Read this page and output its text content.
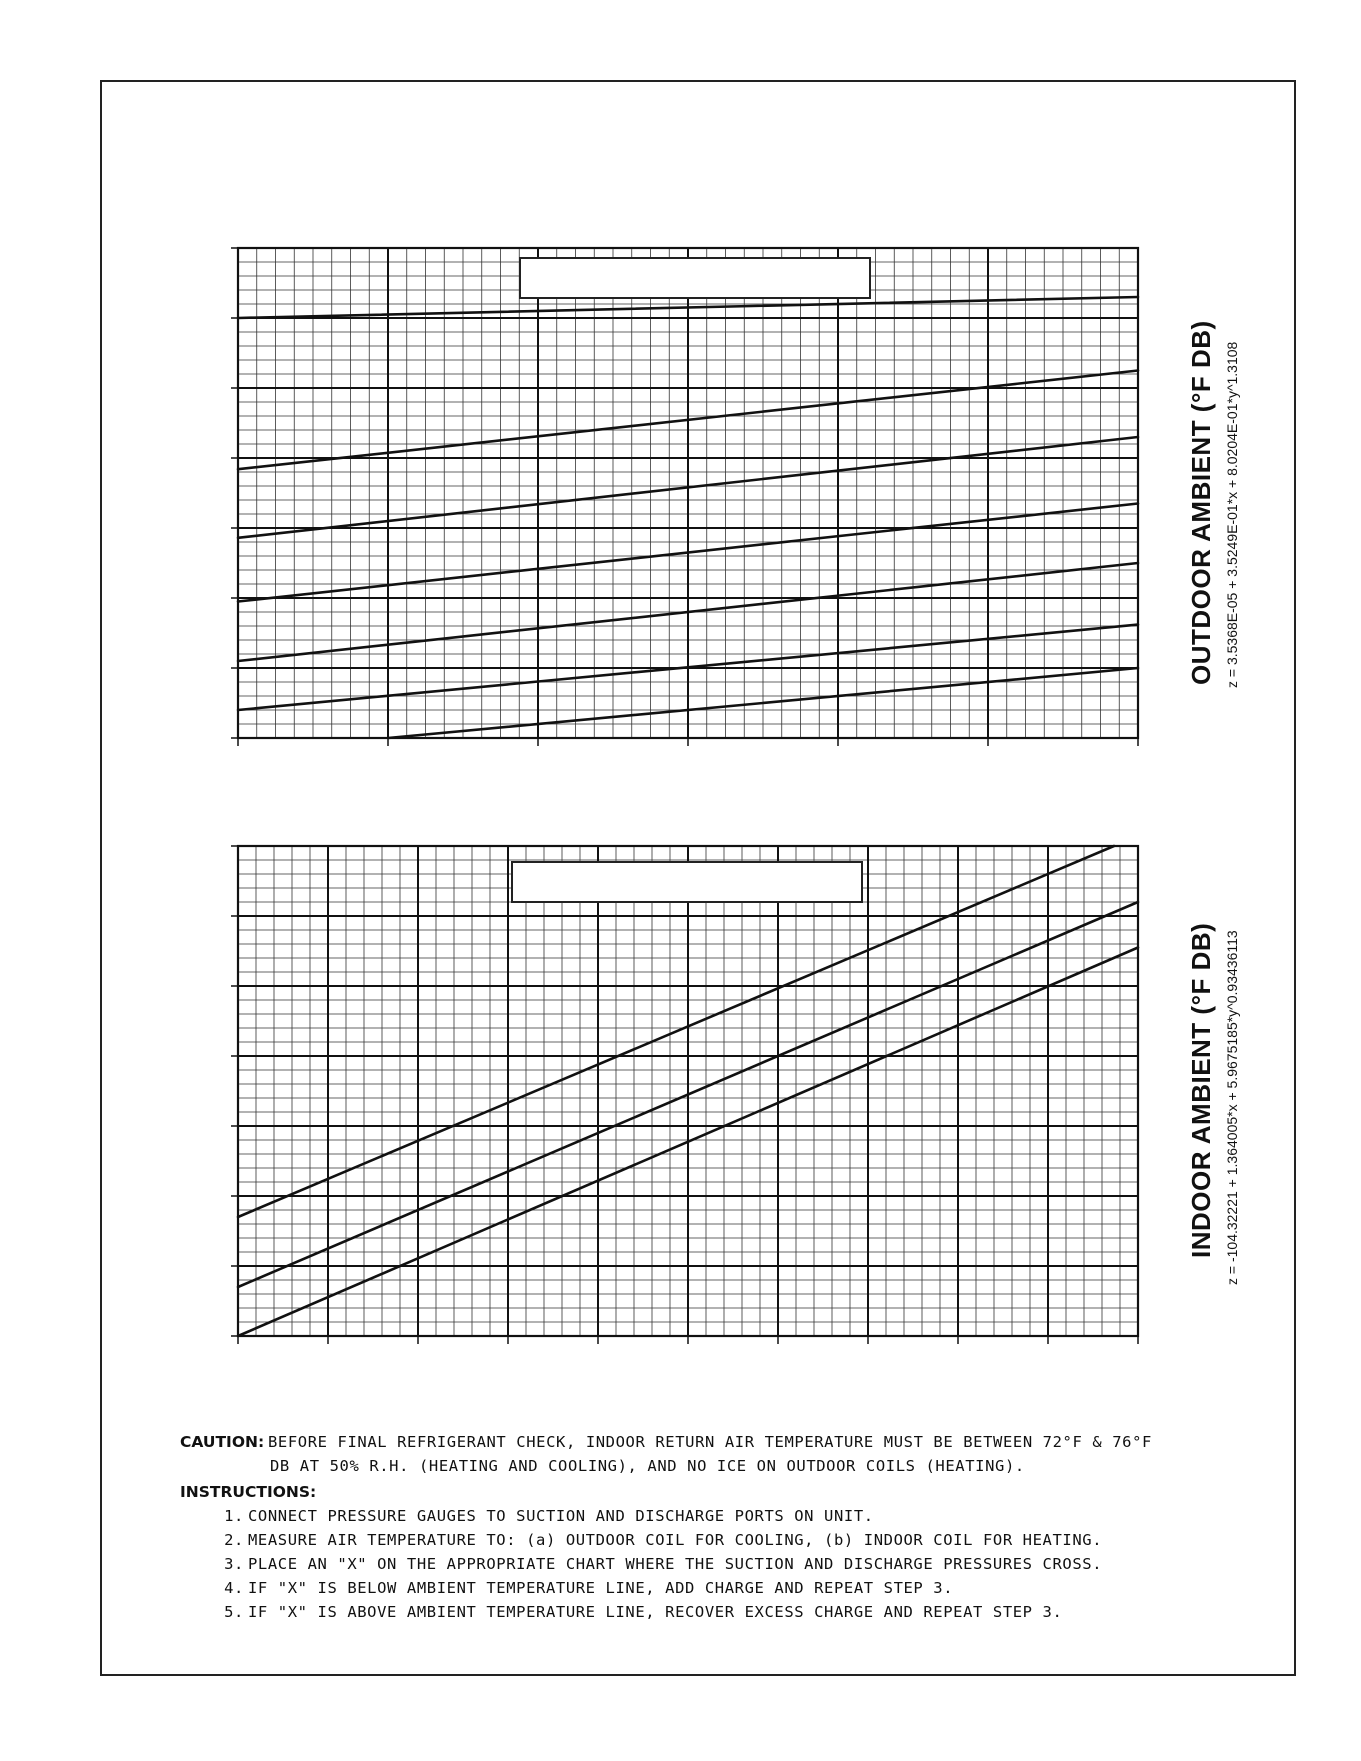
OUTDOOR AMBIENT (°F DB) z = 3.5368E-05 + 3.5249E-01*x + 8.0204E-01*y^1.3108
INDOOR AMBIENT (°F DB) z = -104.32221 + 1.364005*x + 5.9675185*y^0.93436113
CAUTION: BEFORE FINAL REFRIGERANT CHECK, INDOOR RETURN AIR TEMPERATURE MUST BE BETWEEN 72°F & 76°F
DB AT 50% R.H. (HEATING AND COOLING), AND NO ICE ON OUTDOOR COILS (HEATING).
INSTRUCTIONS:
1. CONNECT PRESSURE GAUGES TO SUCTION AND DISCHARGE PORTS ON UNIT.
2. MEASURE AIR TEMPERATURE TO: (a) OUTDOOR COIL FOR COOLING, (b) INDOOR COIL FOR HEATING.
3. PLACE AN "X" ON THE APPROPRIATE CHART WHERE THE SUCTION AND DISCHARGE PRESSURES CROSS.
4. IF "X" IS BELOW AMBIENT TEMPERATURE LINE, ADD CHARGE AND REPEAT STEP 3.
5. IF "X" IS ABOVE AMBIENT TEMPERATURE LINE, RECOVER EXCESS CHARGE AND REPEAT STEP 3.
